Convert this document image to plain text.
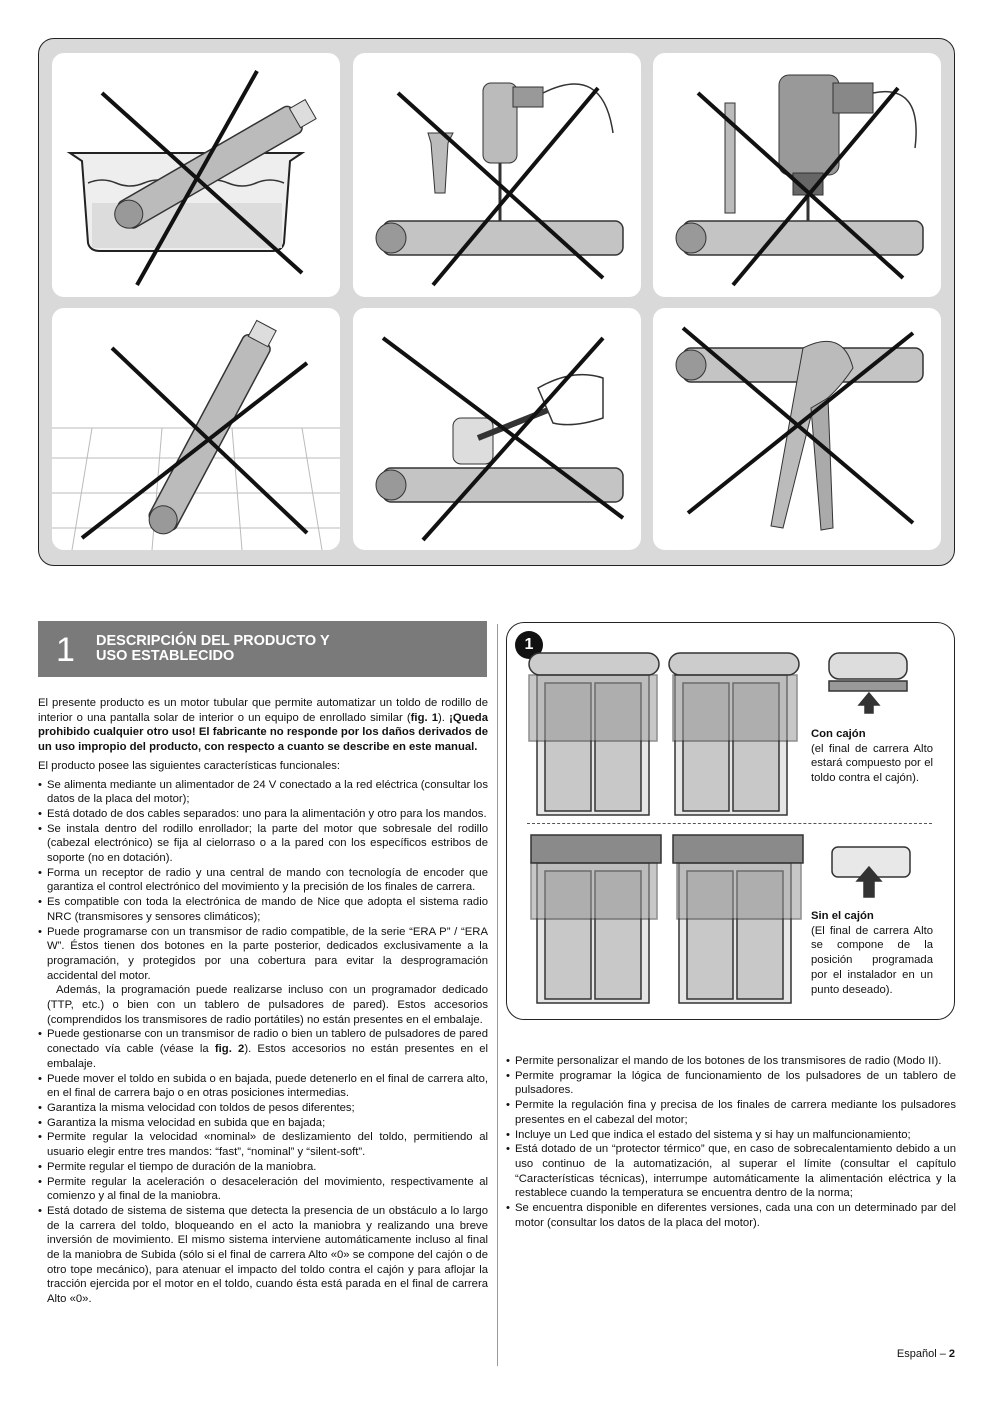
1 DESCRIPCIÓN DEL PRODUCTO Y
USO ESTABLECIDO

El presente producto es un motor tubular que permite automatizar un toldo de rodillo de interior o una pantalla solar de interior o un equipo de enrollado similar (fig. 1). ¡Queda prohibido cualquier otro uso! El fabricante no responde por los daños derivados de un uso impropio del producto, con respecto a cuanto se describe en este manual.

El producto posee las siguientes características funcionales:

• Se alimenta mediante un alimentador de 24 V conectado a la red eléctrica (consultar los datos de la placa del motor);
• Está dotado de dos cables separados: uno para la alimentación y otro para los mandos.
• Se instala dentro del rodillo enrollador; la parte del motor que sobresale del rodillo (cabezal electrónico) se fija al cielorraso o a la pared con los específicos estribos de soporte (no en dotación).
• Forma un receptor de radio y una central de mando con tecnología de encoder que garantiza el control electrónico del movimiento y la precisión de los finales de carrera.
• Es compatible con toda la electrónica de mando de Nice que adopta el sistema radio NRC (transmisores y sensores climáticos);
• Puede programarse con un transmisor de radio compatible, de la serie “ERA P” / “ERA W”. Éstos tienen dos botones en la parte posterior, dedicados exclusivamente a la programación, y protegidos por una cobertura para evitar la desprogramación accidental del motor.
Además, la programación puede realizarse incluso con un programador dedicado (TTP, etc.) o bien con un tablero de pulsadores de pared). Estos accesorios (comprendidos los transmisores de radio portátiles) no están presentes en el embalaje.
• Puede gestionarse con un transmisor de radio o bien un tablero de pulsadores de pared conectado vía cable (véase la fig. 2). Estos accesorios no están presentes en el embalaje.
• Puede mover el toldo en subida o en bajada, puede detenerlo en el final de carrera alto, en el final de carrera bajo o en otras posiciones intermedias.
• Garantiza la misma velocidad con toldos de pesos diferentes;
• Garantiza la misma velocidad en subida que en bajada;
• Permite regular la velocidad «nominal» de deslizamiento del toldo, permitiendo al usuario elegir entre tres mandos: “fast”, “nominal” y “silent-soft”.
• Permite regular el tiempo de duración de la maniobra.
• Permite regular la aceleración o desaceleración del movimiento, respectivamente al comienzo y al final de la maniobra.
• Está dotado de sistema de sistema que detecta la presencia de un obstáculo a lo largo de la carrera del toldo, bloqueando en el acto la maniobra y realizando una breve inversión de movimiento. El mismo sistema interviene automáticamente incluso al final de la maniobra de Subida (sólo si el final de carrera Alto «0» se compone del cajón o de otro tope mecánico), para atenuar el impacto del toldo contra el cajón y para aflojar la tracción ejercida por el motor en el toldo, cuando ésta está parada en el final de carrera Alto «0».
1
Con cajón
(el final de carrera Alto estará compuesto por el toldo contra el cajón).
Sin el cajón
(El final de carrera Alto se compone de la posición programada por el instalador en un punto deseado).
• Permite personalizar el mando de los botones de los transmisores de radio (Modo II).
• Permite programar la lógica de funcionamiento de los pulsadores de un tablero de pulsadores.
• Permite la regulación fina y precisa de los finales de carrera mediante los pulsadores presentes en el cabezal del motor;
• Incluye un Led que indica el estado del sistema y si hay un malfuncionamiento;
• Está dotado de un “protector térmico” que, en caso de sobrecalentamiento debido a un uso continuo de la automatización, al superar el límite (consultar el capítulo “Características técnicas), interrumpe automáticamente la alimentación eléctrica y la restablece cuando la temperatura se encuentra dentro de la norma;
• Se encuentra disponible en diferentes versiones, cada una con un determinado par del motor (consultar los datos de la placa del motor).
Español – 2
